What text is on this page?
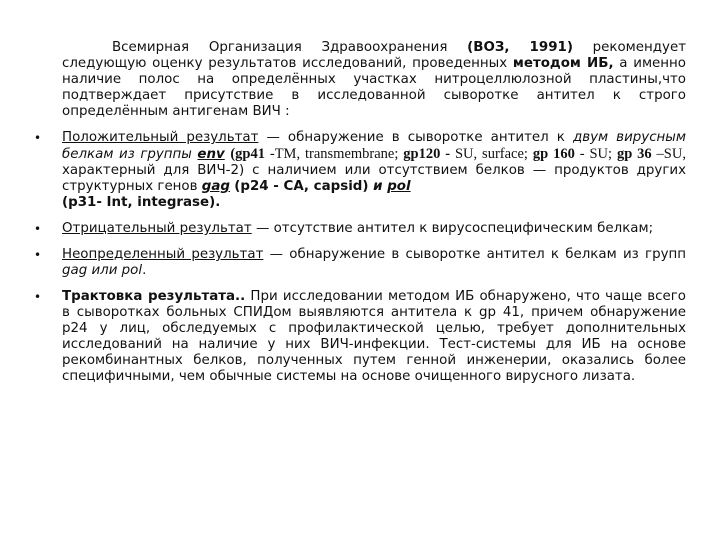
Всемирная Организация Здравоохранения (ВОЗ, 1991) рекомендует следующую оценку результатов исследований, проведенных методом ИБ, а именно наличие полос на определённых участках нитроцеллюлозной пластины,что подтверждает присутствие в исследованной сыворотке антител к строго определённым антигенам ВИЧ :

• Положительный результат — обнаружение в сыворотке антител к двум вирусным белкам из группы env (gp41 -TM, transmembrane; gp120 - SU, surface; gp 160 - SU; gp 36 –SU, характерный для ВИЧ-2) с наличием или отсутствием белков — продуктов других структурных генов gag (p24 - CA, capsid) и pol
(p31- Int, integrase).
• Отрицательный результат — отсутствие антител к вирусоспецифическим белкам;
• Неопределенный результат — обнаружение в сыворотке антител к белкам из групп gag или pol.
• Трактовка результата.. При исследовании методом ИБ обнаружено, что чаще всего в сыворотках больных СПИДом выявляются антитела к gp 41, причем обнаружение р24 у лиц, обследуемых с профилактической целью, требует дополнительных исследований на наличие у них ВИЧ-инфекции. Тест-системы для ИБ на основе рекомбинантных белков, полученных путем генной инженерии, оказались более специфичными, чем обычные системы на основе очищенного вирусного лизата.
